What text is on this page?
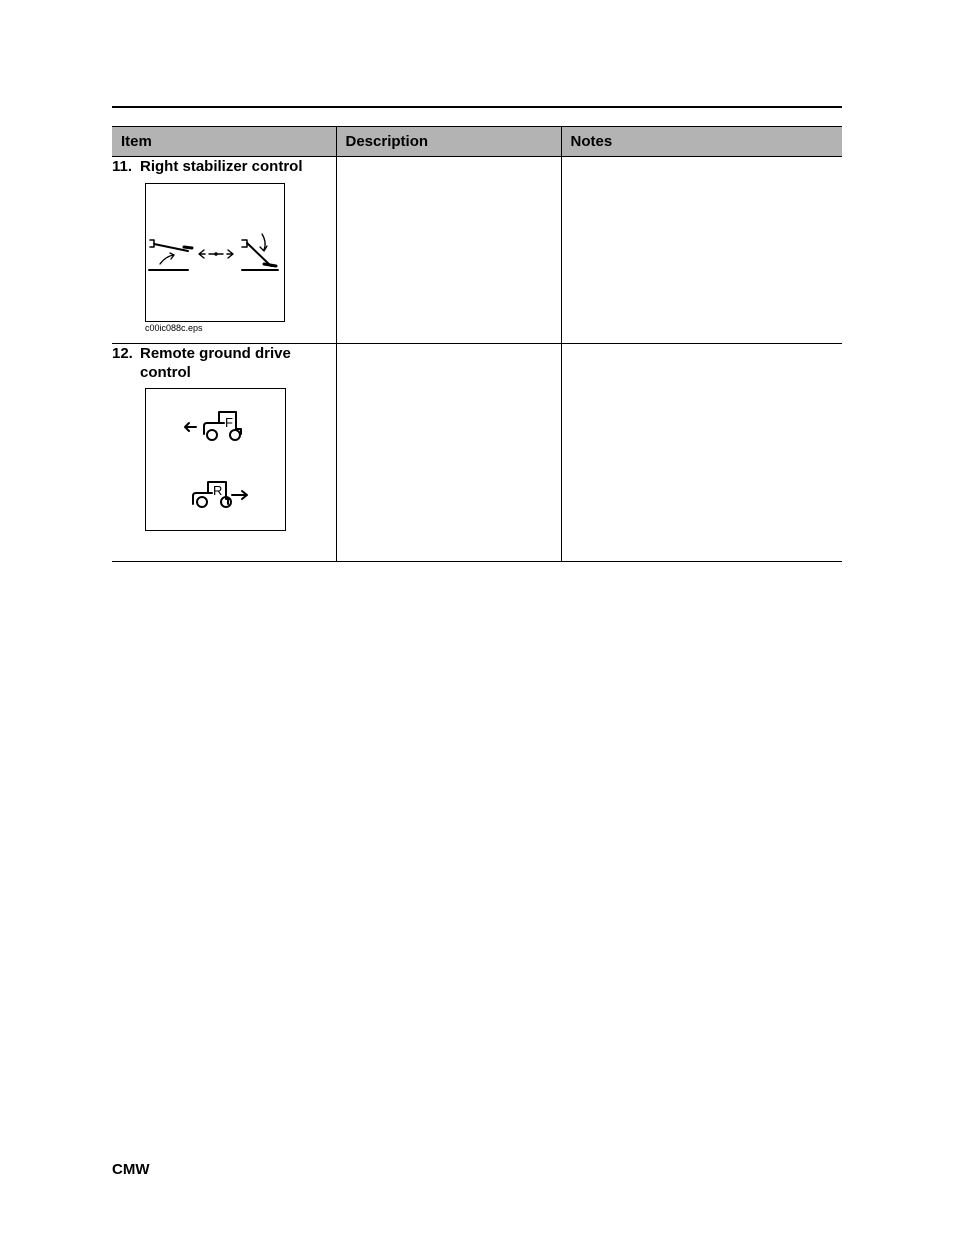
Item	Description	Notes

11. Right stabilizer control
c00ic088c.eps		

12. Remote ground drive control
F
R		

CMW
